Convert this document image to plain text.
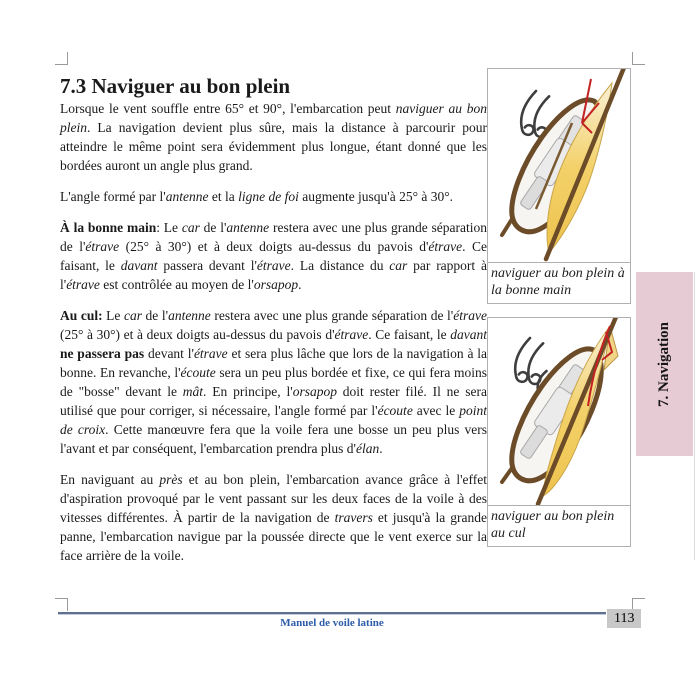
7.3 Naviguer au bon plein

Lorsque le vent souffle entre 65° et 90°, l'embarcation peut naviguer au bon plein. La navigation devient plus sûre, mais la distance à parcourir pour atteindre le même point sera évidemment plus longue, étant donné que les bordées auront un angle plus grand.

L'angle formé par l'antenne et la ligne de foi augmente jusqu'à 25° à 30°.

À la bonne main: Le car de l'antenne restera avec une plus grande séparation de l'étrave (25° à 30°) et à deux doigts au-dessus du pavois d'étrave. Ce faisant, le davant passera devant l'étrave. La distance du car par rapport à l'étrave est contrôlée au moyen de l'orsapop.

Au cul: Le car de l'antenne restera avec une plus grande séparation de l'étrave (25° à 30°) et à deux doigts au-dessus du pavois d'étrave. Ce faisant, le davant ne passera pas devant l'étrave et sera plus lâche que lors de la navigation à la bonne. En revanche, l'écoute sera un peu plus bordée et fixe, ce qui fera moins de "bosse" devant le mât. En principe, l'orsapop doit rester filé. Il ne sera utilisé que pour corriger, si nécessaire, l'angle formé par l'écoute avec le point de croix. Cette manœuvre fera que la voile fera une bosse un peu plus vers l'avant et par conséquent, l'embarcation prendra plus d'élan.

En naviguant au près et au bon plein, l'embarcation avance grâce à l'effet d'aspiration provoqué par le vent passant sur les deux faces de la voile à des vitesses différentes. À partir de la navigation de travers et jusqu'à la grande panne, l'embarcation navigue par la poussée directe que le vent exerce sur la face arrière de la voile.

naviguer au bon plein à la bonne main
naviguer au bon plein au cul
7. Navigation
Manuel de voile latine	113
